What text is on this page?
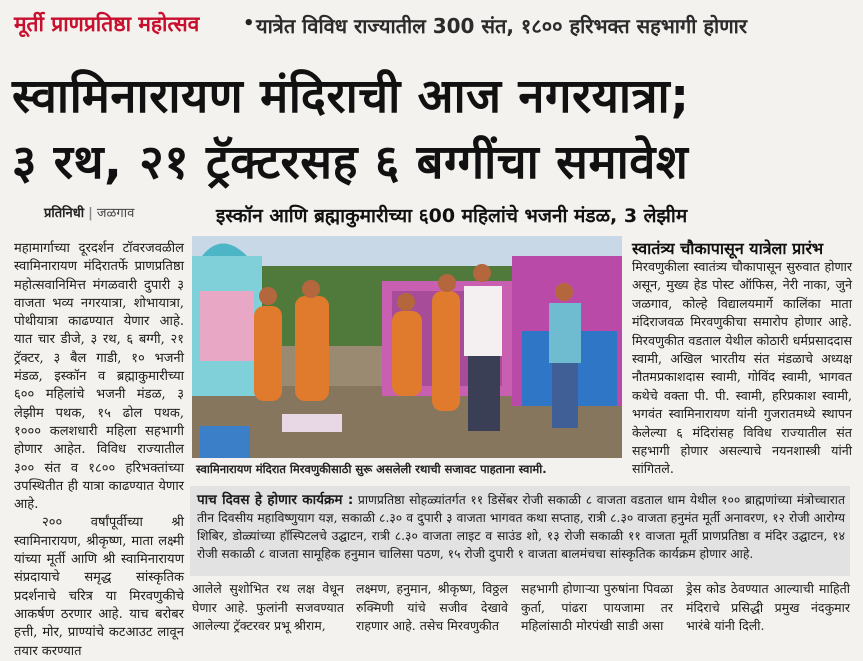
मूर्ती प्राणप्रतिष्ठा महोत्सव • यात्रेत विविध राज्यातील 300 संत, १८०० हरिभक्त सहभागी होणार
स्वामिनारायण मंदिराची आज नगरयात्रा;
३ रथ, २१ ट्रॅक्टरसह ६ बग्गींचा समावेश
प्रतिनिधी | जळगाव	इस्कॉन आणि ब्रह्माकुमारीच्या ६00 महिलांचे भजनी मंडळ, 3 लेझीम

महामार्गाच्या दूरदर्शन टॉवरजवळील स्वामिनारायण मंदिरातर्फे प्राणप्रतिष्ठा महोत्सवानिमित्त मंगळवारी दुपारी ३ वाजता भव्य नगरयात्रा, शोभायात्रा, पोथीयात्रा काढण्यात येणार आहे. यात चार डीजे, ३ रथ, ६ बग्गी, २१ ट्रॅक्टर, ३ बैल गाडी, १० भजनी मंडळ, इस्कॉन व ब्रह्माकुमारीच्या ६०० महिलांचे भजनी मंडळ, ३ लेझीम पथक, १५ ढोल पथक, १००० कलशधारी महिला सहभागी होणार आहेत. विविध राज्यातील ३०० संत व १८०० हरिभक्तांच्या उपस्थितीत ही यात्रा काढण्यात येणार आहे.

२०० वर्षांपूर्वीच्या श्री स्वामिनारायण, श्रीकृष्ण, माता लक्ष्मी यांच्या मूर्ती आणि श्री स्वामिनारायण संप्रदायाचे समृद्ध सांस्कृतिक प्रदर्शनाचे चरित्र या मिरवणुकीचे आकर्षण ठरणार आहे. याच बरोबर हत्ती, मोर, प्राण्यांचे कटआउट लावून तयार करण्यात

स्वामिनारायण मंदिरात मिरवणुकीसाठी सुरू असलेली रथाची सजावट पाहताना स्वामी.
स्वातंत्र्य चौकापासून यात्रेला प्रारंभ
मिरवणुकीला स्वातंत्र्य चौकापासून सुरुवात होणार असून, मुख्य हेड पोस्ट ऑफिस, नेरी नाका, जुने जळगाव, कोल्हे विद्यालयमार्गे कालिंका माता मंदिराजवळ मिरवणुकीचा समारोप होणार आहे. मिरवणुकीत वडताल येथील कोठारी धर्मप्रसाददास स्वामी, अखिल भारतीय संत मंडळाचे अध्यक्ष नौतमप्रकाशदास स्वामी, गोविंद स्वामी, भागवत कथेचे वक्ता पी. पी. स्वामी, हरिप्रकाश स्वामी, भगवंत स्वामिनारायण यांनी गुजरातमध्ये स्थापन केलेल्या ६ मंदिरांसह विविध राज्यातील संत सहभागी होणार असल्याचे नयनशास्त्री यांनी सांगितले.
पाच दिवस हे होणार कार्यक्रम : प्राणप्रतिष्ठा सोहळ्यांतर्गत ११ डिसेंबर रोजी सकाळी ८ वाजता वडताल धाम येथील १०० ब्राह्मणांच्या मंत्रोच्चारात तीन दिवसीय महाविष्णुयाग यज्ञ, सकाळी ८.३० व दुपारी ३ वाजता भागवत कथा सप्ताह, रात्री ८.३० वाजता हनुमंत मूर्ती अनावरण, १२ रोजी आरोग्य शिबिर, डोळ्यांच्या हॉस्पिटलचे उद्घाटन, रात्री ८.३० वाजता लाइट व साउंड शो, १३ रोजी सकाळी ११ वाजता मूर्ती प्राणप्रतिष्ठा व मंदिर उद्घाटन, १४ रोजी सकाळी ८ वाजता सामूहिक हनुमान चालिसा पठण, १५ रोजी दुपारी १ वाजता बालमंचचा सांस्कृतिक कार्यक्रम होणार आहे.
आलेले सुशोभित रथ लक्ष वेधून घेणार आहे. फुलांनी सजवण्यात आलेल्या ट्रॅक्टरवर प्रभू श्रीराम,
लक्ष्मण, हनुमान, श्रीकृष्ण, विठ्ठल रुक्मिणी यांचे सजीव देखावे राहणार आहे. तसेच मिरवणुकीत
सहभागी होणाऱ्या पुरुषांना पिवळा कुर्ता, पांढरा पायजामा तर महिलांसाठी मोरपंखी साडी असा
ड्रेस कोड ठेवण्यात आल्याची माहिती मंदिराचे प्रसिद्धी प्रमुख नंदकुमार भारंबे यांनी दिली.
